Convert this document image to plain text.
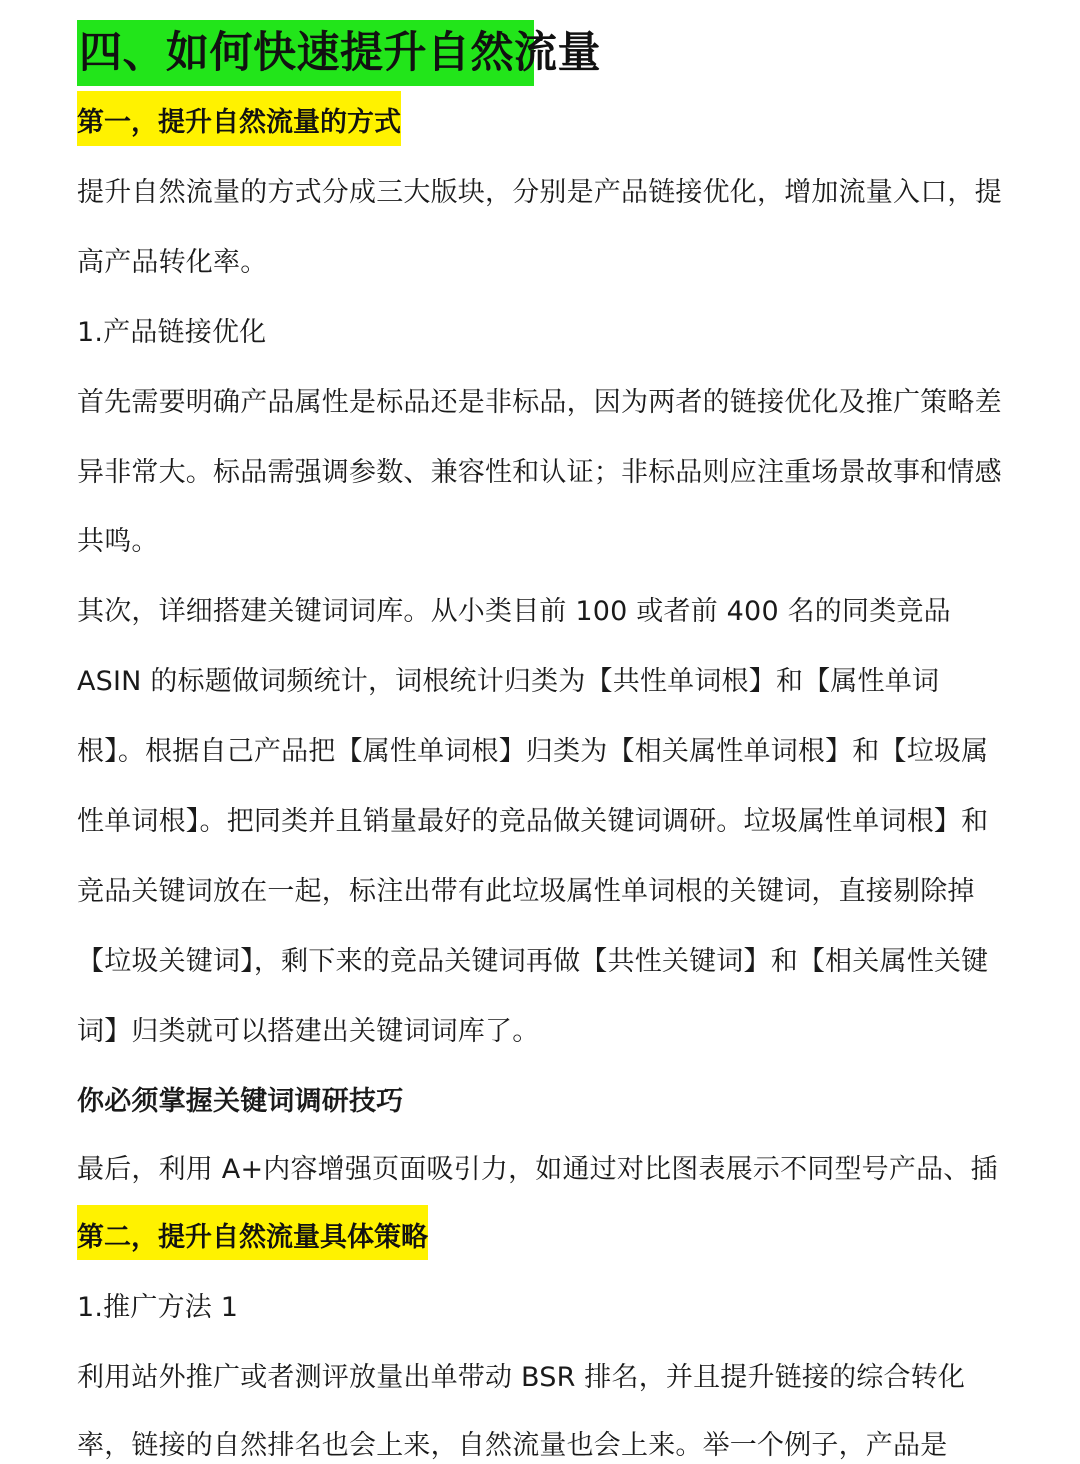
四、如何快速提升自然流量
第一，提升自然流量的方式
提升自然流量的方式分成三大版块，分别是产品链接优化，增加流量入口，提
高产品转化率。
1.产品链接优化
首先需要明确产品属性是标品还是非标品，因为两者的链接优化及推广策略差
异非常大。标品需强调参数、兼容性和认证；非标品则应注重场景故事和情感
共鸣。
其次，详细搭建关键词词库。从小类目前 100 或者前 400 名的同类竞品
ASIN 的标题做词频统计，词根统计归类为【共性单词根】和【属性单词
根】。根据自己产品把【属性单词根】归类为【相关属性单词根】和【垃圾属
性单词根】。把同类并且销量最好的竞品做关键词调研。垃圾属性单词根】和
竞品关键词放在一起，标注出带有此垃圾属性单词根的关键词，直接剔除掉
【垃圾关键词】，剩下来的竞品关键词再做【共性关键词】和【相关属性关键
词】归类就可以搭建出关键词词库了。
你必须掌握关键词调研技巧
最后，利用 A+内容增强页面吸引力，如通过对比图表展示不同型号产品、插
第二，提升自然流量具体策略
1.推广方法 1
利用站外推广或者测评放量出单带动 BSR 排名，并且提升链接的综合转化
率，链接的自然排名也会上来，自然流量也会上来。举一个例子，产品是
